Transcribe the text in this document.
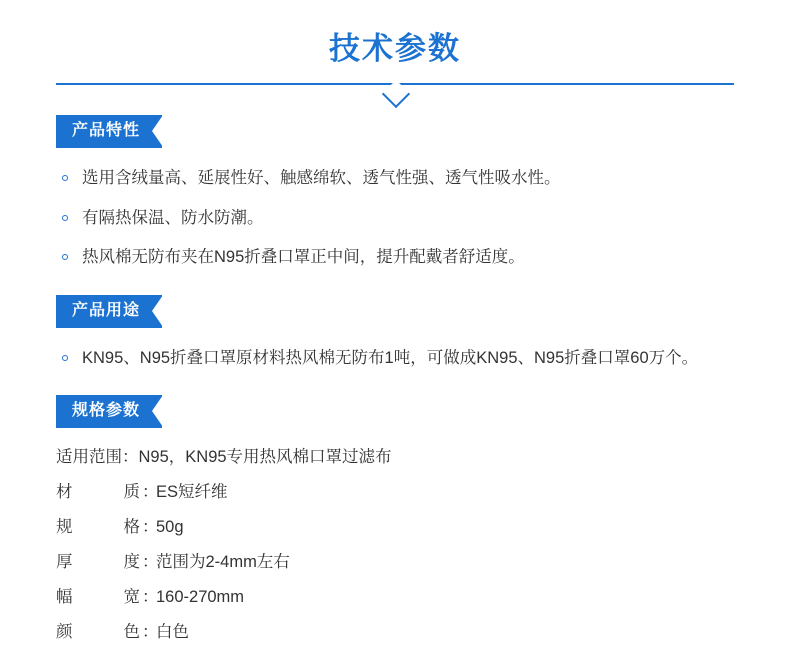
技术参数
产品特性
选用含绒量高、延展性好、触感绵软、透气性强、透气性吸水性。
有隔热保温、防水防潮。
热风棉无防布夹在N95折叠口罩正中间，提升配戴者舒适度。
产品用途
KN95、N95折叠口罩原材料热风棉无防布1吨，可做成KN95、N95折叠口罩60万个。
规格参数
适用范围：N95，KN95专用热风棉口罩过滤布
材	质 ：
ES短纤维
规	格 ：
50g
厚	度 ：
范围为2-4mm左右
幅	宽 ：
160-270mm
颜	色 ：
白色
